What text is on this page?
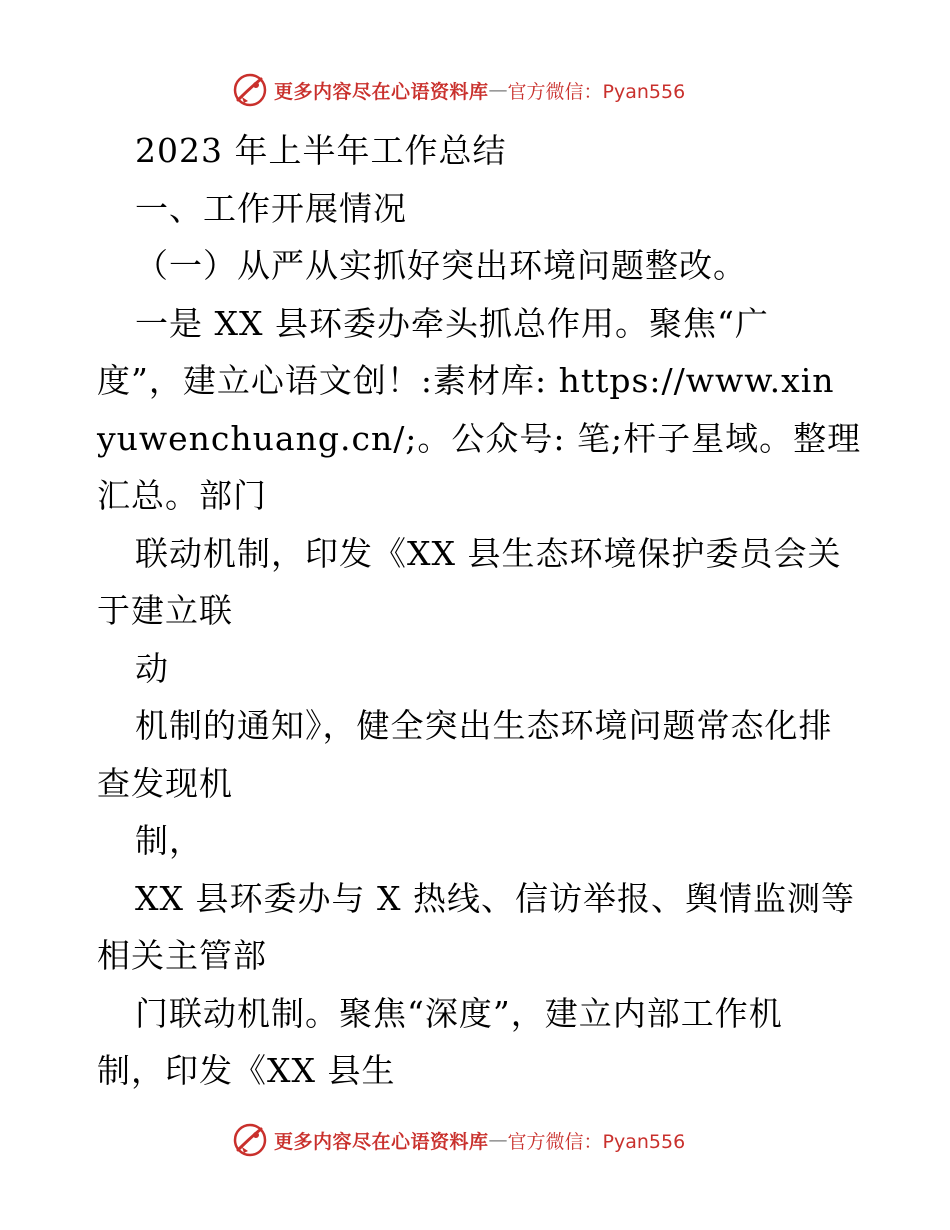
更多内容尽在心语资料库 — 官方微信：Pyan556
2023 年上半年工作总结
一、工作开展情况
（一）从严从实抓好突出环境问题整改。
一是 XX 县环委办牵头抓总作用。聚焦“广
度”，建立心语文创！:素材库: https://www.xin
yuwenchuang.cn/;。公众号: 笔;杆子星域。整理
汇总。部门
联动机制，印发《XX 县生态环境保护委员会关
于建立联
动
机制的通知》，健全突出生态环境问题常态化排
查发现机
制，
XX 县环委办与 X 热线、信访举报、舆情监测等
相关主管部
门联动机制。聚焦“深度”，建立内部工作机
制，印发《XX 县生
更多内容尽在心语资料库 — 官方微信：Pyan556
